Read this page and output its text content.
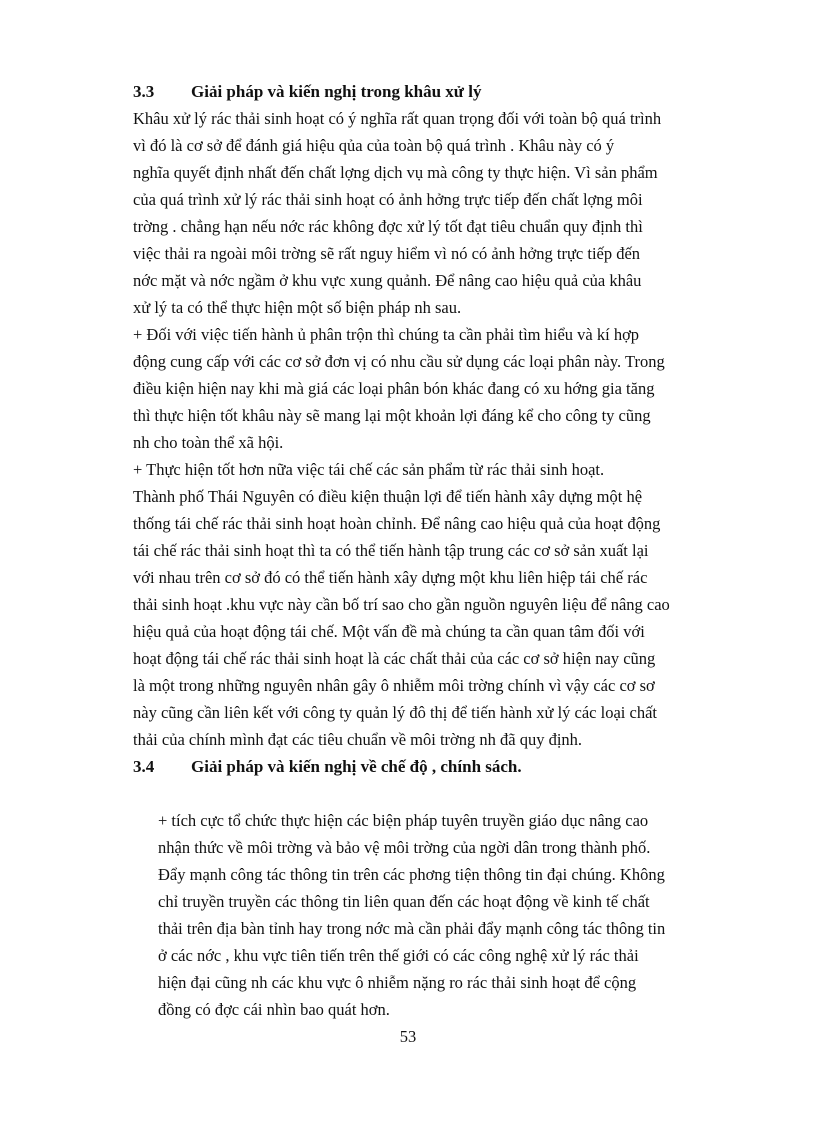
3.3 Giải pháp và kiến nghị trong khâu xử lý
Khâu xử lý rác thải sinh hoạt có ý nghĩa rất quan trọng đối với toàn bộ quá trình
vì đó là cơ sở để đánh giá hiệu qủa của toàn bộ quá trình . Khâu này có ý
nghĩa quyết định nhất đến chất lợng dịch vụ mà công ty thực hiện. Vì sản phẩm
của quá trình xử lý rác thải sinh hoạt có ảnh hởng trực tiếp đến chất lợng môi
trờng . chẳng hạn nếu nớc rác không đợc xử lý tốt đạt tiêu chuẩn quy định thì
việc thải ra ngoài môi trờng sẽ rất nguy hiểm vì nó có ảnh hởng trực tiếp đến
nớc mặt và nớc ngầm ở khu vực xung quảnh. Để nâng cao hiệu quả của khâu
xử lý ta có thể thực hiện một số biện pháp nh sau.
+ Đối với việc tiến hành ủ phân trộn thì chúng ta cần phải tìm hiểu và kí hợp
động cung cấp với các cơ sở đơn vị có nhu cầu sử dụng các loại phân này. Trong
điều kiện hiện nay khi mà giá các loại phân bón khác đang có xu hớng gia tăng
thì thực hiện tốt khâu này sẽ mang lại một khoản lợi đáng kể cho công ty cũng
nh cho toàn thể xã hội.
+ Thực hiện tốt hơn nữa việc tái chế các sản phẩm từ rác thải sinh hoạt.
Thành phố Thái Nguyên có điều kiện thuận lợi để tiến hành xây dựng một hệ
thống tái chế rác thải sinh hoạt hoàn chỉnh. Để nâng cao hiệu quả của hoạt động
tái chế rác thải sinh hoạt thì ta có thể tiến hành tập trung các cơ sở sản xuất lại
với nhau trên cơ sở đó có thể tiến hành xây dựng một khu liên hiệp tái chế rác
thải sinh hoạt .khu vực này cần bố trí sao cho gần nguồn nguyên liệu để nâng cao
hiệu quả của hoạt động tái chế. Một vấn đề mà chúng ta cần quan tâm đối với
hoạt động tái chế rác thải sinh hoạt là các chất thải của các cơ sở hiện nay cũng
là một trong những nguyên nhân gây ô nhiễm môi trờng chính vì vậy các cơ sơ
này cũng cần liên kết với công ty quản lý đô thị để tiến hành xử lý các loại chất
thải của chính mình đạt các tiêu chuẩn về môi trờng nh đã quy định.
3.4 Giải pháp và kiến nghị về chế độ , chính sách.
+ tích cực tổ chức thực hiện các biện pháp tuyên truyền giáo dục nâng cao
nhận thức về môi trờng và bảo vệ môi trờng của ngời dân trong thành phố.
Đẩy mạnh công tác thông tin trên các phơng tiện thông tin đại chúng. Không
chỉ truyền truyền các thông tin liên quan đến các hoạt động về kinh tế chất
thải trên địa bàn tỉnh hay trong nớc mà cần phải đẩy mạnh công tác thông tin
ở các nớc , khu vực tiên tiến trên thế giới có các công nghệ xử lý rác thải
hiện đại cũng nh các khu vực ô nhiễm nặng ro rác thải sinh hoạt để cộng
đồng có đợc cái nhìn bao quát hơn.
53
